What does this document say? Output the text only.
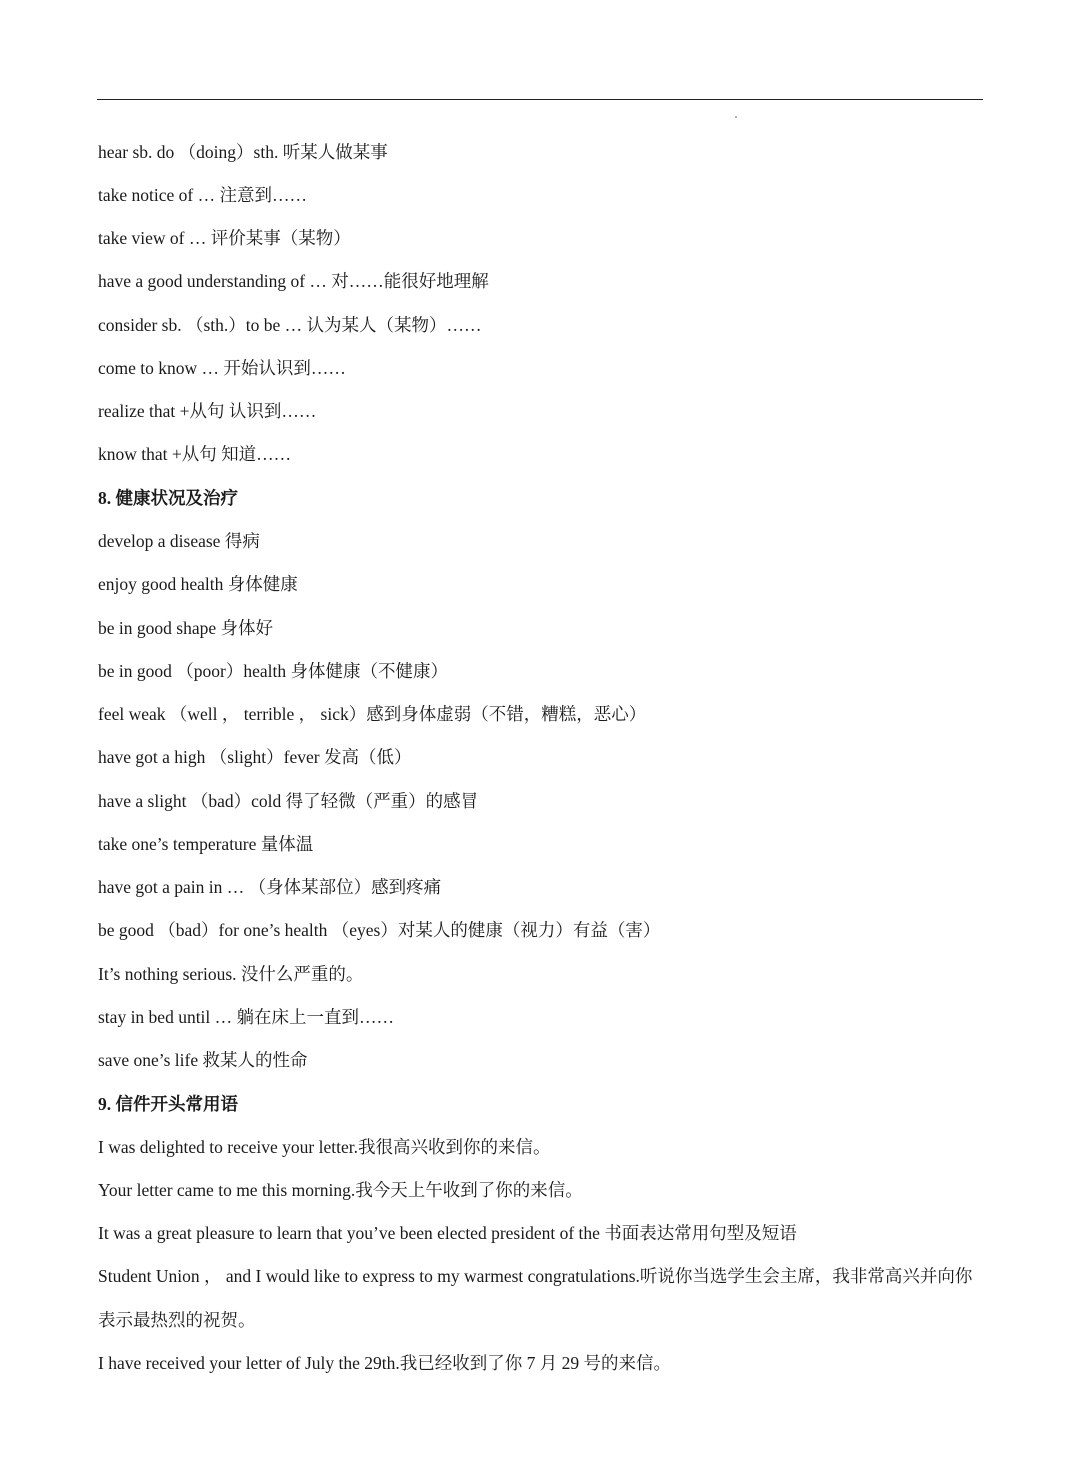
hear sb. do （doing）sth. 听某人做某事
take notice of … 注意到……
take view of … 评价某事（某物）
have a good understanding of … 对……能很好地理解
consider sb. （sth.）to be … 认为某人（某物）……
come to know … 开始认识到……
realize that +从句 认识到……
know that +从句 知道……
8. 健康状况及治疗
develop a disease 得病
enjoy good health 身体健康
be in good shape 身体好
be in good （poor）health 身体健康（不健康）
feel weak （well ， terrible ， sick）感到身体虚弱（不错，糟糕，恶心）
have got a high （slight）fever 发高（低）
have a slight （bad）cold 得了轻微（严重）的感冒
take one’s temperature 量体温
have got a pain in … （身体某部位）感到疼痛
be good （bad）for one’s health （eyes）对某人的健康（视力）有益（害）
It’s nothing serious. 没什么严重的。
stay in bed until … 躺在床上一直到……
save one’s life 救某人的性命
9. 信件开头常用语
I was delighted to receive your letter.我很高兴收到你的来信。
Your letter came to me this morning.我今天上午收到了你的来信。
It was a great pleasure to learn that you’ve been elected president of the 书面表达常用句型及短语
Student Union ， and I would like to express to my warmest congratulations.听说你当选学生会主席，我非常高兴并向你表示最热烈的祝贺。
I have received your letter of July the 29th.我已经收到了你 7 月 29 号的来信。
